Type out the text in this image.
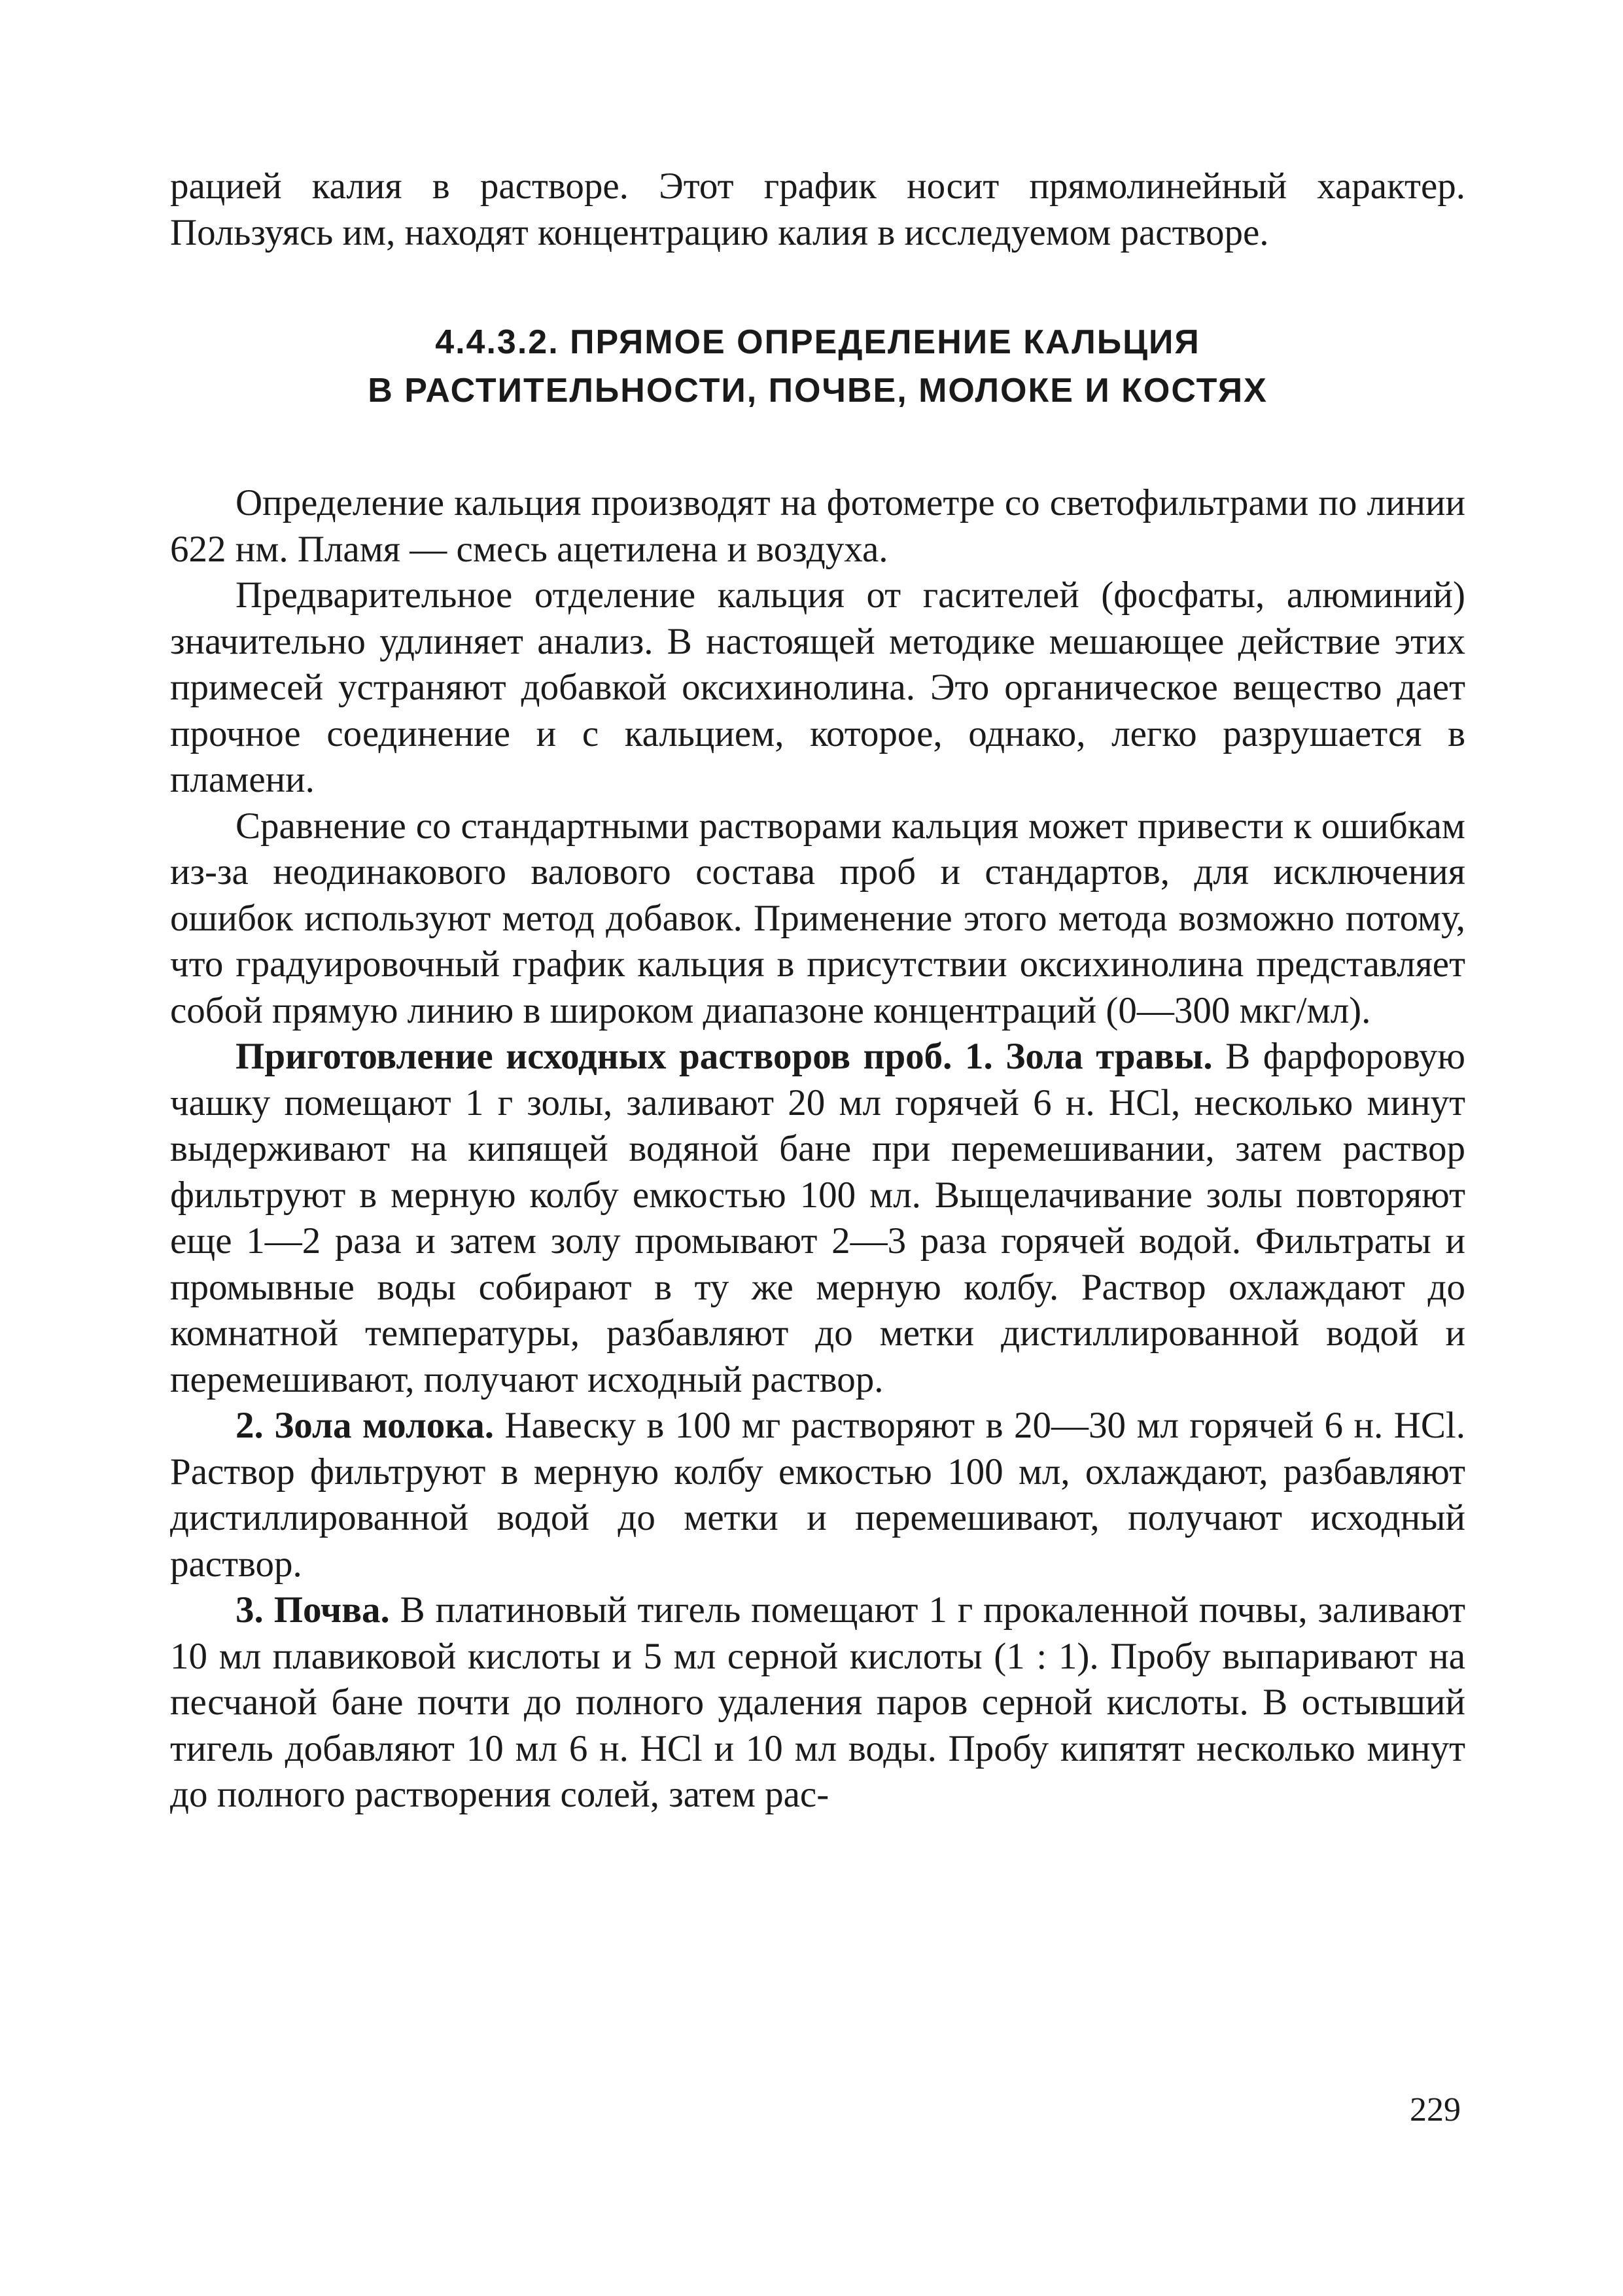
рацией калия в растворе. Этот график носит прямолинейный характер. Пользуясь им, находят концентрацию калия в исследуемом растворе.

4.4.3.2. ПРЯМОЕ ОПРЕДЕЛЕНИЕ КАЛЬЦИЯ
В РАСТИТЕЛЬНОСТИ, ПОЧВЕ, МОЛОКЕ И КОСТЯХ

Определение кальция производят на фотометре со светофильтрами по линии 622 нм. Пламя — смесь ацетилена и воздуха.

Предварительное отделение кальция от гасителей (фосфаты, алюминий) значительно удлиняет анализ. В настоящей методике мешающее действие этих примесей устраняют добавкой оксихинолина. Это органическое вещество дает прочное соединение и с кальцием, которое, однако, легко разрушается в пламени.

Сравнение со стандартными растворами кальция может привести к ошибкам из-за неодинакового валового состава проб и стандартов, для исключения ошибок используют метод добавок. Применение этого метода возможно потому, что градуировочный график кальция в присутствии оксихинолина представляет собой прямую линию в широком диапазоне концентраций (0—300 мкг/мл).

Приготовление исходных растворов проб. 1. Зола травы. В фарфоровую чашку помещают 1 г золы, заливают 20 мл горячей 6 н. HCl, несколько минут выдерживают на кипящей водяной бане при перемешивании, затем раствор фильтруют в мерную колбу емкостью 100 мл. Выщелачивание золы повторяют еще 1—2 раза и затем золу промывают 2—3 раза горячей водой. Фильтраты и промывные воды собирают в ту же мерную колбу. Раствор охлаждают до комнатной температуры, разбавляют до метки дистиллированной водой и перемешивают, получают исходный раствор.

2. Зола молока. Навеску в 100 мг растворяют в 20—30 мл горячей 6 н. HCl. Раствор фильтруют в мерную колбу емкостью 100 мл, охлаждают, разбавляют дистиллированной водой до метки и перемешивают, получают исходный раствор.

3. Почва. В платиновый тигель помещают 1 г прокаленной почвы, заливают 10 мл плавиковой кислоты и 5 мл серной кислоты (1 : 1). Пробу выпаривают на песчаной бане почти до полного удаления паров серной кислоты. В остывший тигель добавляют 10 мл 6 н. HCl и 10 мл воды. Пробу кипятят несколько минут до полного растворения солей, затем рас-

229
